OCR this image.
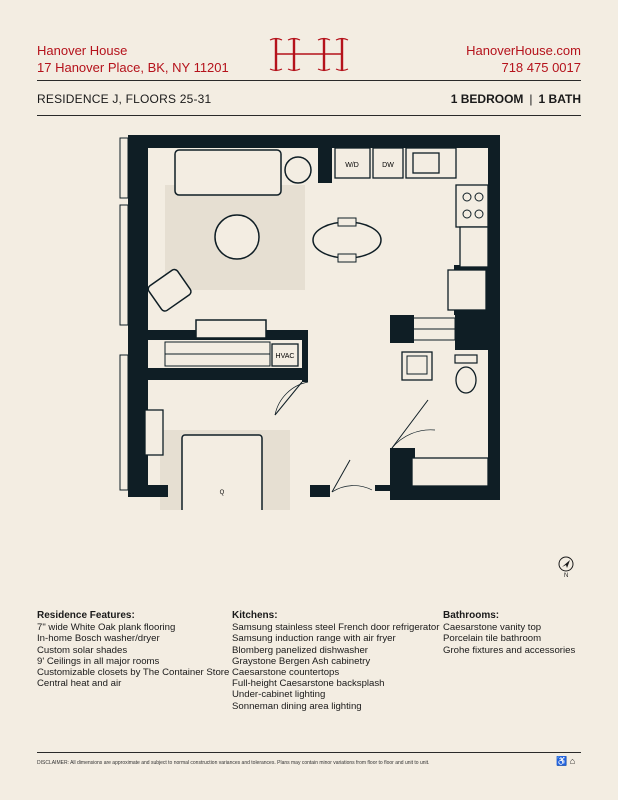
Hanover House
17 Hanover Place, BK, NY 11201
HanoverHouse.com
718 475 0017
RESIDENCE J, FLOORS 25-31	1 BEDROOM | 1 BATH
W/D	DW
HVAC
Q
N
Residence Features:
7" wide White Oak plank flooring
In-home Bosch washer/dryer
Custom solar shades
9' Ceilings in all major rooms
Customizable closets by The Container Store
Central heat and air
Kitchens:
Samsung stainless steel French door refrigerator
Samsung induction range with air fryer
Blomberg panelized dishwasher
Graystone Bergen Ash cabinetry
Caesarstone countertops
Full-height Caesarstone backsplash
Under-cabinet lighting
Sonneman dining area lighting
Bathrooms:
Caesarstone vanity top
Porcelain tile bathroom
Grohe fixtures and accessories
DISCLAIMER: All dimensions are approximate and subject to normal construction variances and tolerances. Plans may contain minor variations from floor to floor and unit to unit.	♿ ⌂
